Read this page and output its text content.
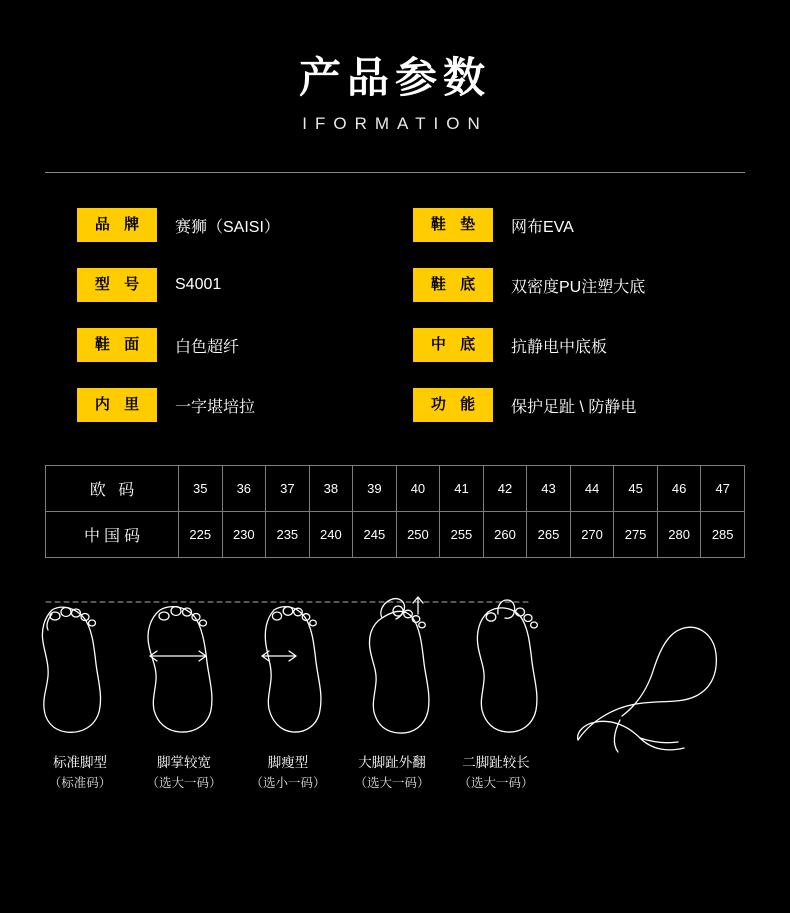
产品参数
IFORMATION
品 牌	赛狮（SAISI）
型 号	S4001
鞋 面	白色超纤
内 里	一字堪培拉
鞋 垫	网布EVA
鞋 底	双密度PU注塑大底
中 底	抗静电中底板
功 能	保护足趾 \ 防静电
欧 码	35	36	37	38	39	40	41	42	43	44	45	46	47
中国码	225	230	235	240	245	250	255	260	265	270	275	280	285
标准脚型
（标准码）
脚掌较宽
（选大一码）
脚瘦型
（选小一码）
大脚趾外翻
（选大一码）
二脚趾较长
（选大一码）
